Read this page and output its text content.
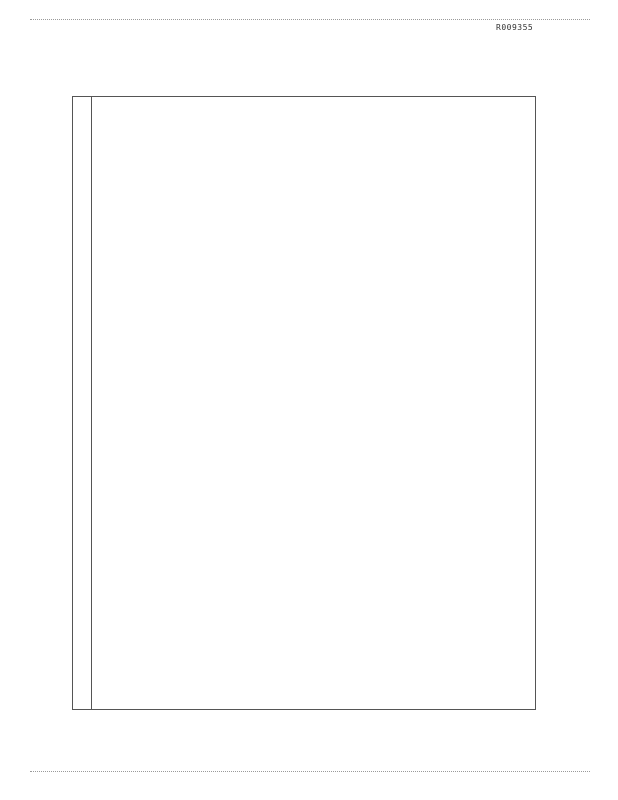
R009355
